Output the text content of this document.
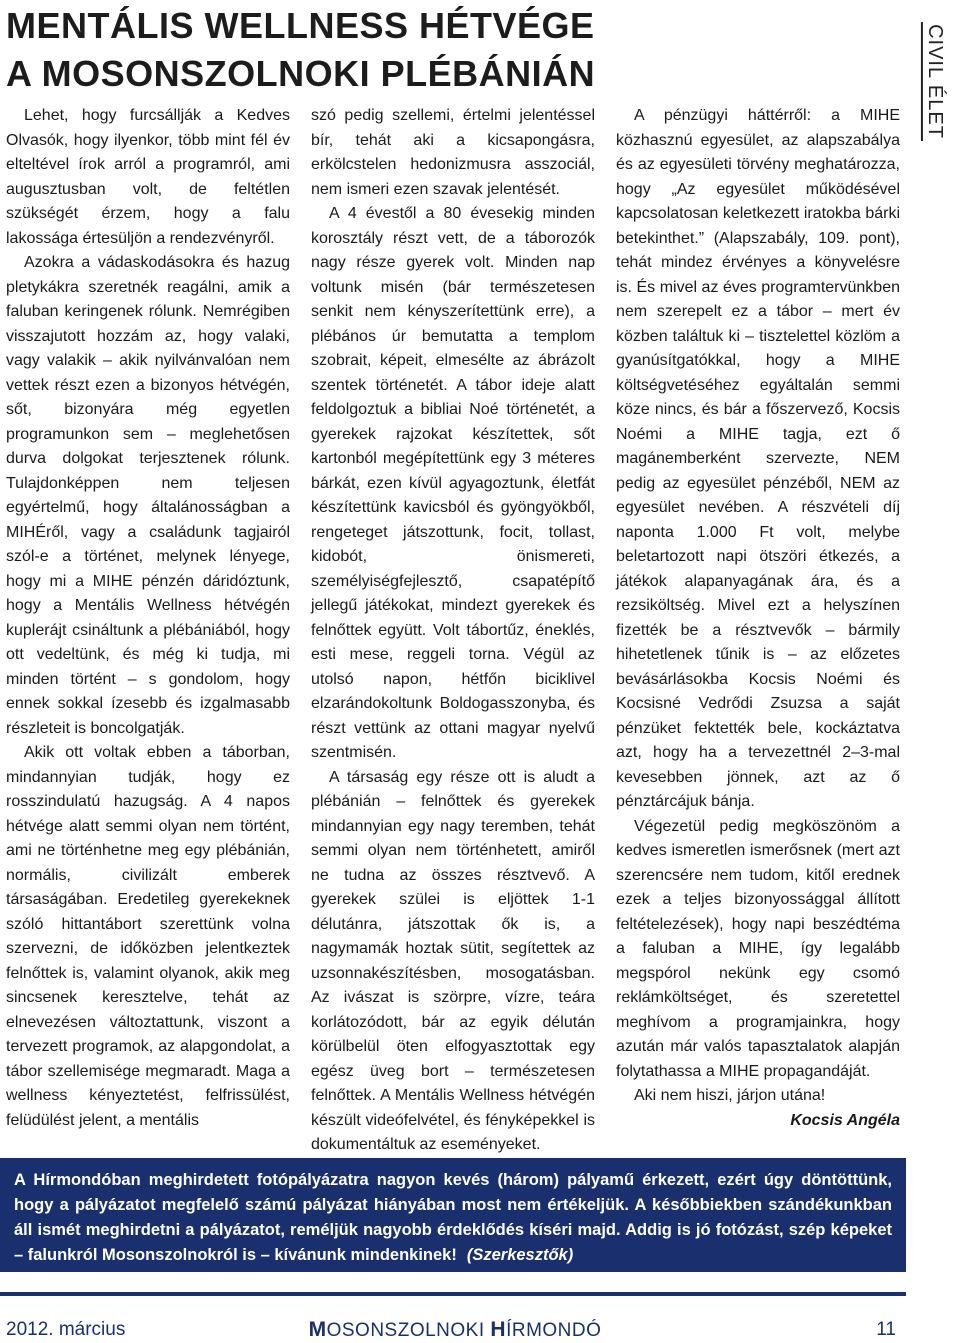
MENTÁLIS WELLNESS HÉTVÉGE
A MOSONSZOLNOKI PLÉBÁNIÁN	CIVIL ÉLET

Lehet, hogy furcsállják a Kedves Olvasók, hogy ilyenkor, több mint fél év elteltével írok arról a programról, ami augusztusban volt, de feltétlen szükségét érzem, hogy a falu lakossága értesüljön a rendezvényről.

Azokra a vádaskodásokra és hazug pletykákra szeretnék reagálni, amik a faluban keringenek rólunk. Nemrégiben visszajutott hozzám az, hogy valaki, vagy valakik – akik nyilvánvalóan nem vettek részt ezen a bizonyos hétvégén, sőt, bizonyára még egyetlen programunkon sem – meglehetősen durva dolgokat terjesztenek rólunk. Tulajdonképpen nem teljesen egyértelmű, hogy általánosságban a MIHÉről, vagy a családunk tagjairól szól-e a történet, melynek lényege, hogy mi a MIHE pénzén dáridóztunk, hogy a Mentális Wellness hétvégén kuplerájt csináltunk a plébániából, hogy ott vedeltünk, és még ki tudja, mi minden történt – s gondolom, hogy ennek sokkal ízesebb és izgalmasabb részleteit is boncolgatják.

Akik ott voltak ebben a táborban, mindannyian tudják, hogy ez rosszindulatú hazugság. A 4 napos hétvége alatt semmi olyan nem történt, ami ne történhetne meg egy plébánián, normális, civilizált emberek társaságában. Eredetileg gyerekeknek szóló hittantábort szerettünk volna szervezni, de időközben jelentkeztek felnőttek is, valamint olyanok, akik meg sincsenek keresztelve, tehát az elnevezésen változtattunk, viszont a tervezett programok, az alapgondolat, a tábor szellemisége megmaradt. Maga a wellness kényeztetést, felfrissülést, felüdülést jelent, a mentális

szó pedig szellemi, értelmi jelentéssel bír, tehát aki a kicsapongásra, erkölcstelen hedonizmusra asszociál, nem ismeri ezen szavak jelentését.

A 4 évestől a 80 évesekig minden korosztály részt vett, de a táborozók nagy része gyerek volt. Minden nap voltunk misén (bár természetesen senkit nem kényszerítettünk erre), a plébános úr bemutatta a templom szobrait, képeit, elmesélte az ábrázolt szentek történetét. A tábor ideje alatt feldolgoztuk a bibliai Noé történetét, a gyerekek rajzokat készítettek, sőt kartonból megépítettünk egy 3 méteres bárkát, ezen kívül agyagoztunk, életfát készítettünk kavicsból és gyöngyökből, rengeteget játszottunk, focit, tollast, kidobót, önismereti, személyiségfejlesztő, csapatépítő jellegű játékokat, mindezt gyerekek és felnőttek együtt. Volt tábortűz, éneklés, esti mese, reggeli torna. Végül az utolsó napon, hétfőn biciklivel elzarándokoltunk Boldogasszonyba, és részt vettünk az ottani magyar nyelvű szentmisén.

A társaság egy része ott is aludt a plébánián – felnőttek és gyerekek mindannyian egy nagy teremben, tehát semmi olyan nem történhetett, amiről ne tudna az összes résztvevő. A gyerekek szülei is eljöttek 1-1 délutánra, játszottak ők is, a nagymamák hoztak sütit, segítettek az uzsonnakészítésben, mosogatásban. Az ivászat is szörpre, vízre, teára korlátozódott, bár az egyik délután körülbelül öten elfogyasztottak egy egész üveg bort – természetesen felnőttek. A Mentális Wellness hétvégén készült videófelvétel, és fényképekkel is dokumentáltuk az eseményeket.

A pénzügyi háttérről: a MIHE közhasznú egyesület, az alapszabálya és az egyesületi törvény meghatározza, hogy „Az egyesület működésével kapcsolatosan keletkezett iratokba bárki betekinthet.” (Alapszabály, 109. pont), tehát mindez érvényes a könyvelésre is. És mivel az éves programtervünkben nem szerepelt ez a tábor – mert év közben találtuk ki – tisztelettel közlöm a gyanúsítgatókkal, hogy a MIHE költségvetéséhez egyáltalán semmi köze nincs, és bár a főszervező, Kocsis Noémi a MIHE tagja, ezt ő magánemberként szervezte, NEM pedig az egyesület pénzéből, NEM az egyesület nevében. A részvételi díj naponta 1.000 Ft volt, melybe beletartozott napi ötszöri étkezés, a játékok alapanyagának ára, és a rezsiköltség. Mivel ezt a helyszínen fizették be a résztvevők – bármily hihetetlenek tűnik is – az előzetes bevásárlásokba Kocsis Noémi és Kocsisné Vedrődi Zsuzsa a saját pénzüket fektették bele, kockáztatva azt, hogy ha a tervezettnél 2–3-mal kevesebben jönnek, azt az ő pénztárcájuk bánja.

Végezetül pedig megköszönöm a kedves ismeretlen ismerősnek (mert azt szerencsére nem tudom, kitől erednek ezek a teljes bizonyossággal állított feltételezések), hogy napi beszédtéma a faluban a MIHE, így legalább megspórol nekünk egy csomó reklámköltséget, és szeretettel meghívom a programjainkra, hogy azután már valós tapasztalatok alapján folytathassa a MIHE propagandáját.

Aki nem hiszi, járjon utána!

Kocsis Angéla
A Hírmondóban meghirdetett fotópályázatra nagyon kevés (három) pályamű érkezett, ezért úgy döntöttünk, hogy a pályázatot megfelelő számú pályázat hiányában most nem értékeljük. A későbbiekben szándékunkban áll ismét meghirdetni a pályázatot, reméljük nagyobb érdeklődés kíséri majd. Addig is jó fotózást, szép képeket – falunkról Mosonszolnokról is – kívánunk mindenkinek! (Szerkesztők)
2012. március	MOSONSZOLNOKI HÍRMONDÓ	11
